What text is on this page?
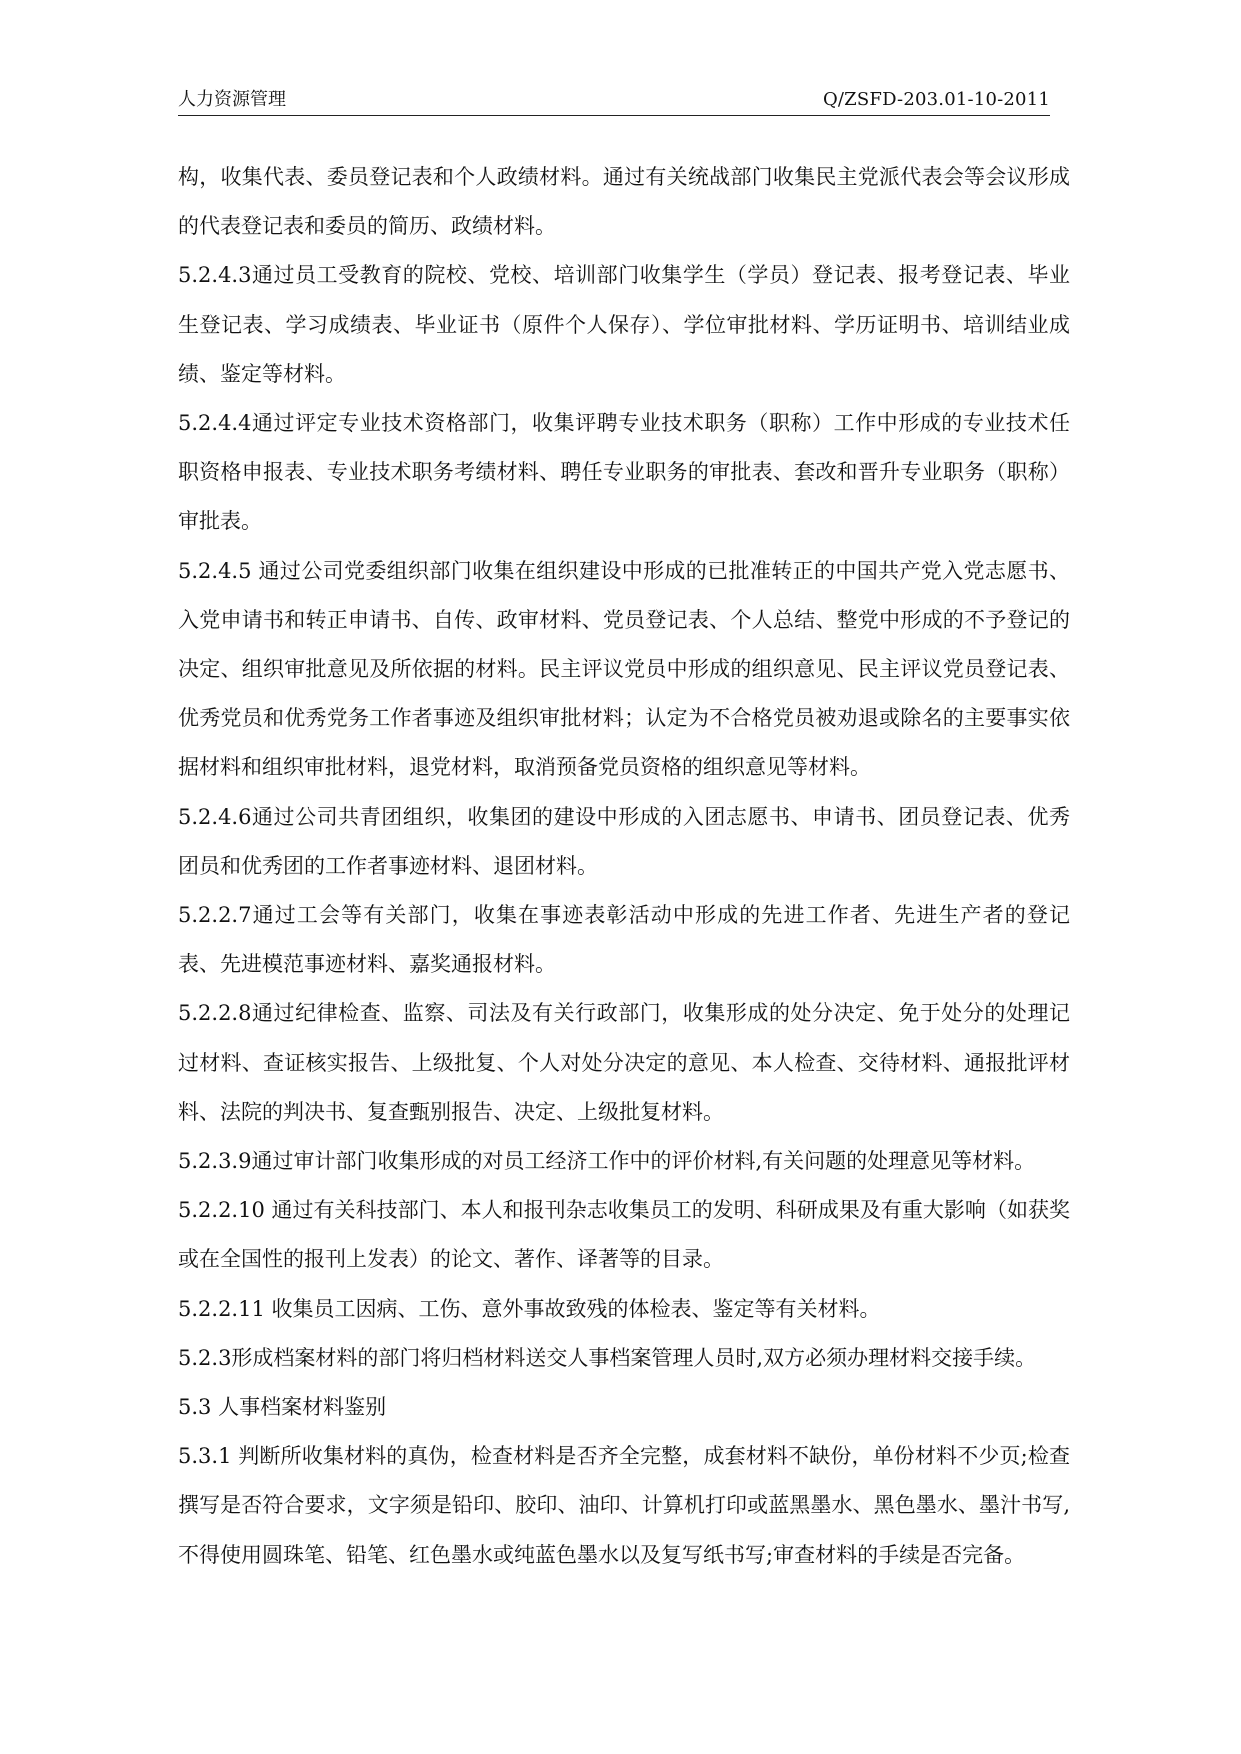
人力资源管理	Q/ZSFD-203.01-10-2011

构，收集代表、委员登记表和个人政绩材料。通过有关统战部门收集民主党派代表会等会议形成的代表登记表和委员的简历、政绩材料。

5.2.4.3通过员工受教育的院校、党校、培训部门收集学生（学员）登记表、报考登记表、毕业生登记表、学习成绩表、毕业证书（原件个人保存）、学位审批材料、学历证明书、培训结业成绩、鉴定等材料。

5.2.4.4通过评定专业技术资格部门，收集评聘专业技术职务（职称）工作中形成的专业技术任职资格申报表、专业技术职务考绩材料、聘任专业职务的审批表、套改和晋升专业职务（职称）审批表。

5.2.4.5 通过公司党委组织部门收集在组织建设中形成的已批准转正的中国共产党入党志愿书、入党申请书和转正申请书、自传、政审材料、党员登记表、个人总结、整党中形成的不予登记的决定、组织审批意见及所依据的材料。民主评议党员中形成的组织意见、民主评议党员登记表、优秀党员和优秀党务工作者事迹及组织审批材料；认定为不合格党员被劝退或除名的主要事实依据材料和组织审批材料，退党材料，取消预备党员资格的组织意见等材料。

5.2.4.6通过公司共青团组织，收集团的建设中形成的入团志愿书、申请书、团员登记表、优秀团员和优秀团的工作者事迹材料、退团材料。

5.2.2.7通过工会等有关部门，收集在事迹表彰活动中形成的先进工作者、先进生产者的登记表、先进模范事迹材料、嘉奖通报材料。

5.2.2.8通过纪律检查、监察、司法及有关行政部门，收集形成的处分决定、免于处分的处理记过材料、查证核实报告、上级批复、个人对处分决定的意见、本人检查、交待材料、通报批评材料、法院的判决书、复查甄别报告、决定、上级批复材料。

5.2.3.9通过审计部门收集形成的对员工经济工作中的评价材料,有关问题的处理意见等材料。

5.2.2.10 通过有关科技部门、本人和报刊杂志收集员工的发明、科研成果及有重大影响（如获奖或在全国性的报刊上发表）的论文、著作、译著等的目录。

5.2.2.11 收集员工因病、工伤、意外事故致残的体检表、鉴定等有关材料。

5.2.3形成档案材料的部门将归档材料送交人事档案管理人员时,双方必须办理材料交接手续。

5.3 人事档案材料鉴别

5.3.1 判断所收集材料的真伪，检查材料是否齐全完整，成套材料不缺份，单份材料不少页;检查撰写是否符合要求，文字须是铅印、胶印、油印、计算机打印或蓝黑墨水、黑色墨水、墨汁书写,不得使用圆珠笔、铅笔、红色墨水或纯蓝色墨水以及复写纸书写;审查材料的手续是否完备。
